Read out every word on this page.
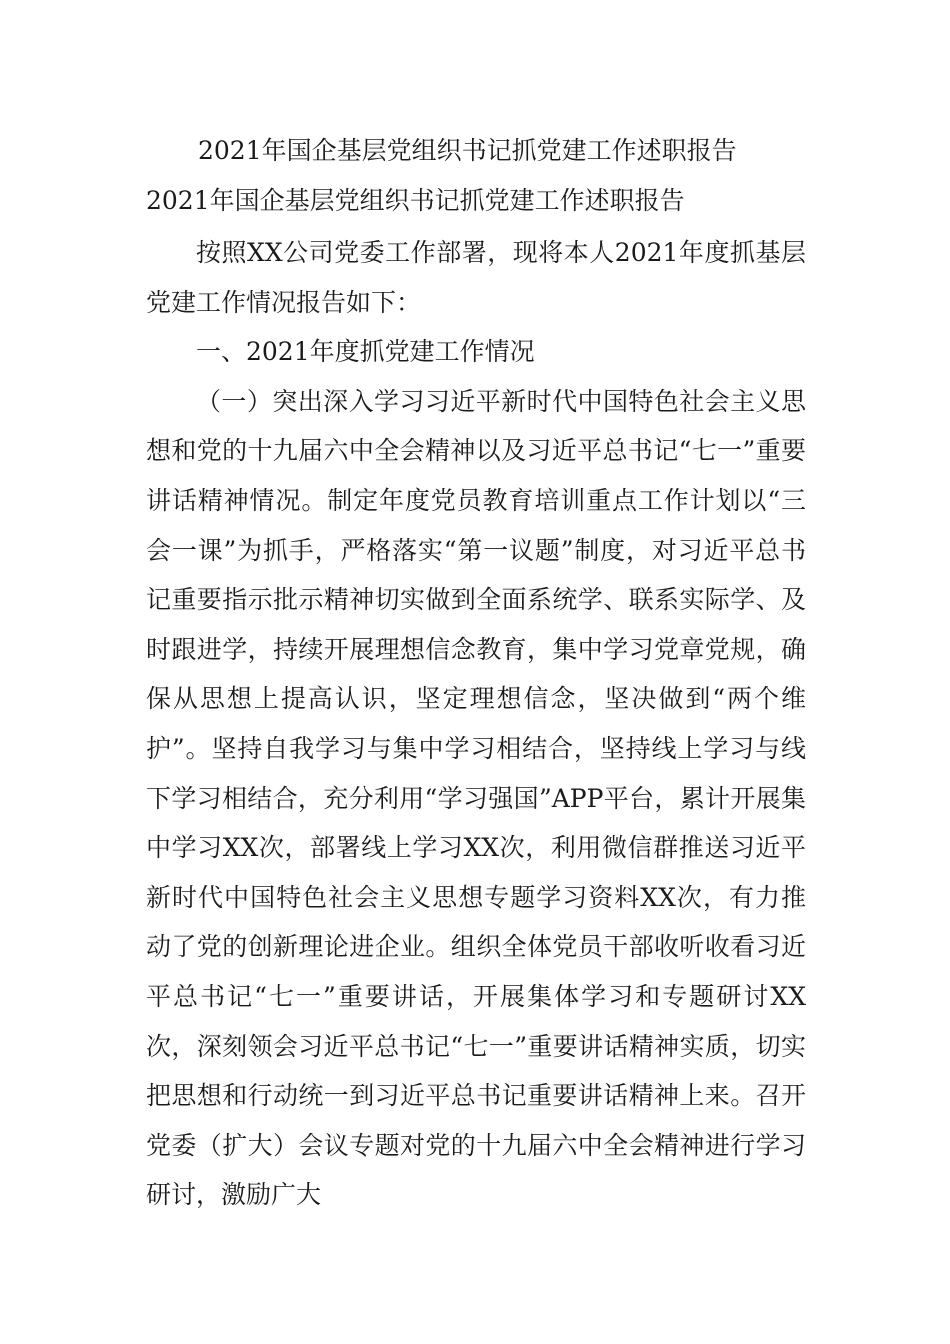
2021年国企基层党组织书记抓党建工作述职报告
2021年国企基层党组织书记抓党建工作述职报告

按照XX公司党委工作部署，现将本人2021年度抓基层党建工作情况报告如下：

一、2021年度抓党建工作情况

（一）突出深入学习习近平新时代中国特色社会主义思想和党的十九届六中全会精神以及习近平总书记“七一”重要讲话精神情况。制定年度党员教育培训重点工作计划以“三会一课”为抓手，严格落实“第一议题”制度，对习近平总书记重要指示批示精神切实做到全面系统学、联系实际学、及时跟进学，持续开展理想信念教育，集中学习党章党规，确保从思想上提高认识，坚定理想信念，坚决做到“两个维护”。坚持自我学习与集中学习相结合，坚持线上学习与线下学习相结合，充分利用“学习强国”APP平台，累计开展集中学习XX次，部署线上学习XX次，利用微信群推送习近平新时代中国特色社会主义思想专题学习资料XX次，有力推动了党的创新理论进企业。组织全体党员干部收听收看习近平总书记“七一”重要讲话，开展集体学习和专题研讨XX次，深刻领会习近平总书记“七一”重要讲话精神实质，切实把思想和行动统一到习近平总书记重要讲话精神上来。召开党委（扩大）会议专题对党的十九届六中全会精神进行学习研讨，激励广大
